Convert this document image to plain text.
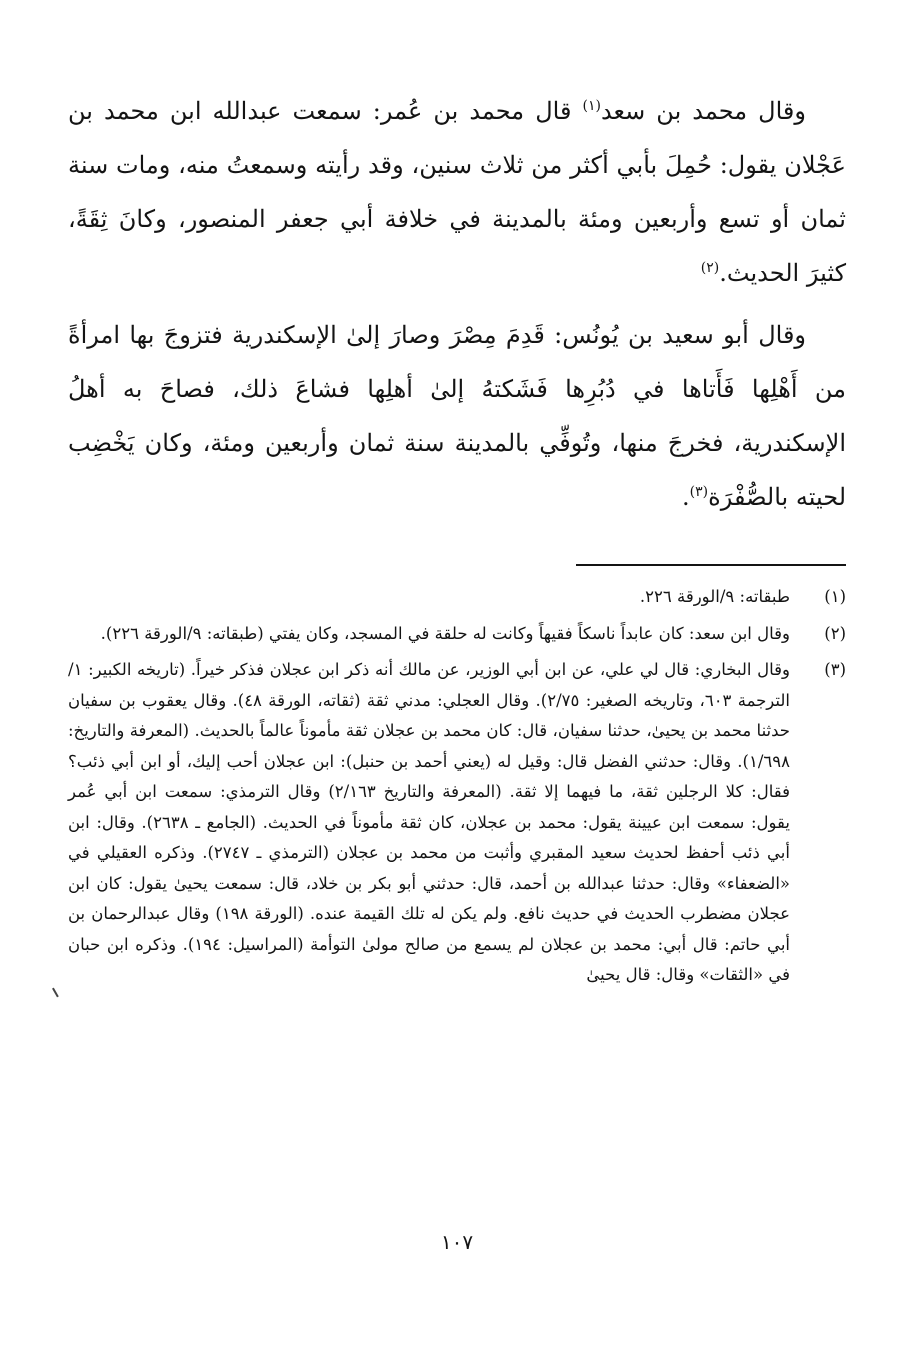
وقال محمد بن سعد$^{(١)}$ قال محمد بن عُمر: سمعت عبدالله ابن محمد بن عَجْلان يقول: حُمِلَ بأبي أكثر من ثلاث سنين، وقد رأيته وسمعتُ منه، ومات سنة ثمان أو تسع وأربعين ومئة بالمدينة في خلافة أبي جعفر المنصور، وكانَ ثِقَةً، كثيرَ الحديث.$^{(٢)}$

وقال أبو سعيد بن يُونُس: قَدِمَ مِصْرَ وصارَ إلىٰ الإسكندرية فتزوجَ بها امرأةً من أَهْلِها فَأَتاها في دُبُرِها فَشَكتهُ إلىٰ أهلِها فشاعَ ذلك، فصاحَ به أهلُ الإسكندرية، فخرجَ منها، وتُوفِّي بالمدينة سنة ثمان وأربعين ومئة، وكان يَخْضِب لحيته بالصُّفْرَة$^{(٣)}$.

(١)
طبقاته: ٩/الورقة ٢٢٦.
(٢)
وقال ابن سعد: كان عابداً ناسكاً فقيهاً وكانت له حلقة في المسجد، وكان يفتي (طبقاته: ٩/الورقة ٢٢٦).
(٣)
وقال البخاري: قال لي علي، عن ابن أبي الوزير، عن مالك أنه ذكر ابن عجلان فذكر خيراً. (تاريخه الكبير: ١/الترجمة ٦٠٣، وتاريخه الصغير: ٢/٧٥). وقال العجلي: مدني ثقة (ثقاته، الورقة ٤٨). وقال يعقوب بن سفيان حدثنا محمد بن يحيىٰ، حدثنا سفيان، قال: كان محمد بن عجلان ثقة مأموناً عالماً بالحديث. (المعرفة والتاريخ: ١/٦٩٨). وقال: حدثني الفضل قال: وقيل له (يعني أحمد بن حنبل): ابن عجلان أحب إليك، أو ابن أبي ذئب؟ فقال: كلا الرجلين ثقة، ما فيهما إلا ثقة. (المعرفة والتاريخ ٢/١٦٣) وقال الترمذي: سمعت ابن أبي عُمر يقول: سمعت ابن عيينة يقول: محمد بن عجلان، كان ثقة مأموناً في الحديث. (الجامع ـ ٢٦٣٨). وقال: ابن أبي ذئب أحفظ لحديث سعيد المقبري وأثبت من محمد بن عجلان (الترمذي ـ ٢٧٤٧). وذكره العقيلي في «الضعفاء» وقال: حدثنا عبدالله بن أحمد، قال: حدثني أبو بكر بن خلاد، قال: سمعت يحيىٰ يقول: كان ابن عجلان مضطرب الحديث في حديث نافع. ولم يكن له تلك القيمة عنده. (الورقة ١٩٨) وقال عبدالرحمان بن أبي حاتم: قال أبي: محمد بن عجلان لم يسمع من صالح مولىٰ التوأمة (المراسيل: ١٩٤). وذكره ابن حبان في «الثقات» وقال: قال يحيىٰ
١٠٧
